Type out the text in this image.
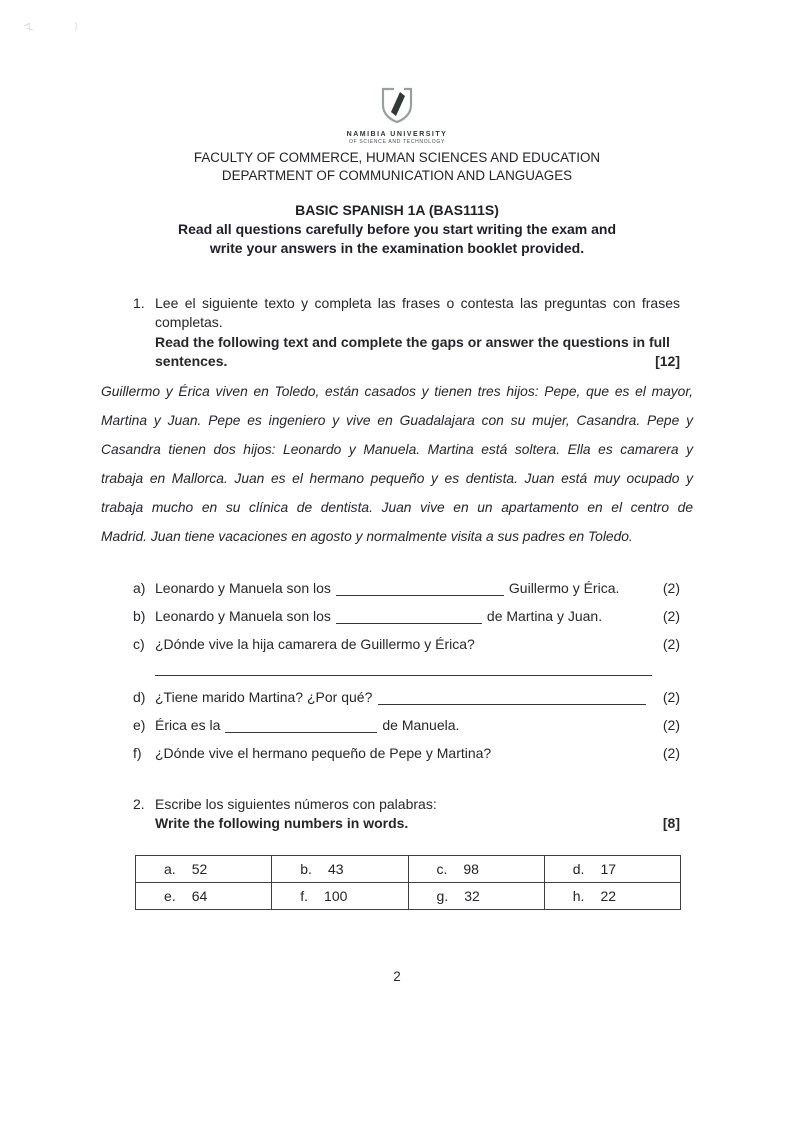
NAMIBIA UNIVERSITY
OF SCIENCE AND TECHNOLOGY
FACULTY OF COMMERCE, HUMAN SCIENCES AND EDUCATION
DEPARTMENT OF COMMUNICATION AND LANGUAGES
BASIC SPANISH 1A (BAS111S)
Read all questions carefully before you start writing the exam and
write your answers in the examination booklet provided.
1. Lee el siguiente texto y completa las frases o contesta las preguntas con frases
completas.
Read the following text and complete the gaps or answer the questions in full
sentences.	[12]
Guillermo y Érica viven en Toledo, están casados y tienen tres hijos: Pepe, que es el mayor,
Martina y Juan. Pepe es ingeniero y vive en Guadalajara con su mujer, Casandra. Pepe y
Casandra tienen dos hijos: Leonardo y Manuela. Martina está soltera. Ella es camarera y
trabaja en Mallorca. Juan es el hermano pequeño y es dentista. Juan está muy ocupado y
trabaja mucho en su clínica de dentista. Juan vive en un apartamento en el centro de
Madrid. Juan tiene vacaciones en agosto y normalmente visita a sus padres en Toledo.
a) Leonardo y Manuela son los	Guillermo y Érica.	(2)
b) Leonardo y Manuela son los	de Martina y Juan.	(2)
c) ¿Dónde vive la hija camarera de Guillermo y Érica?	(2)
d) ¿Tiene marido Martina? ¿Por qué?	(2)
e) Érica es la	de Manuela.	(2)
f) ¿Dónde vive el hermano pequeño de Pepe y Martina?	(2)
2. Escribe los siguientes números con palabras:
Write the following numbers in words.	[8]
a. 52	b. 43	c. 98	d. 17
e. 64	f. 100	g. 32	h. 22
2
